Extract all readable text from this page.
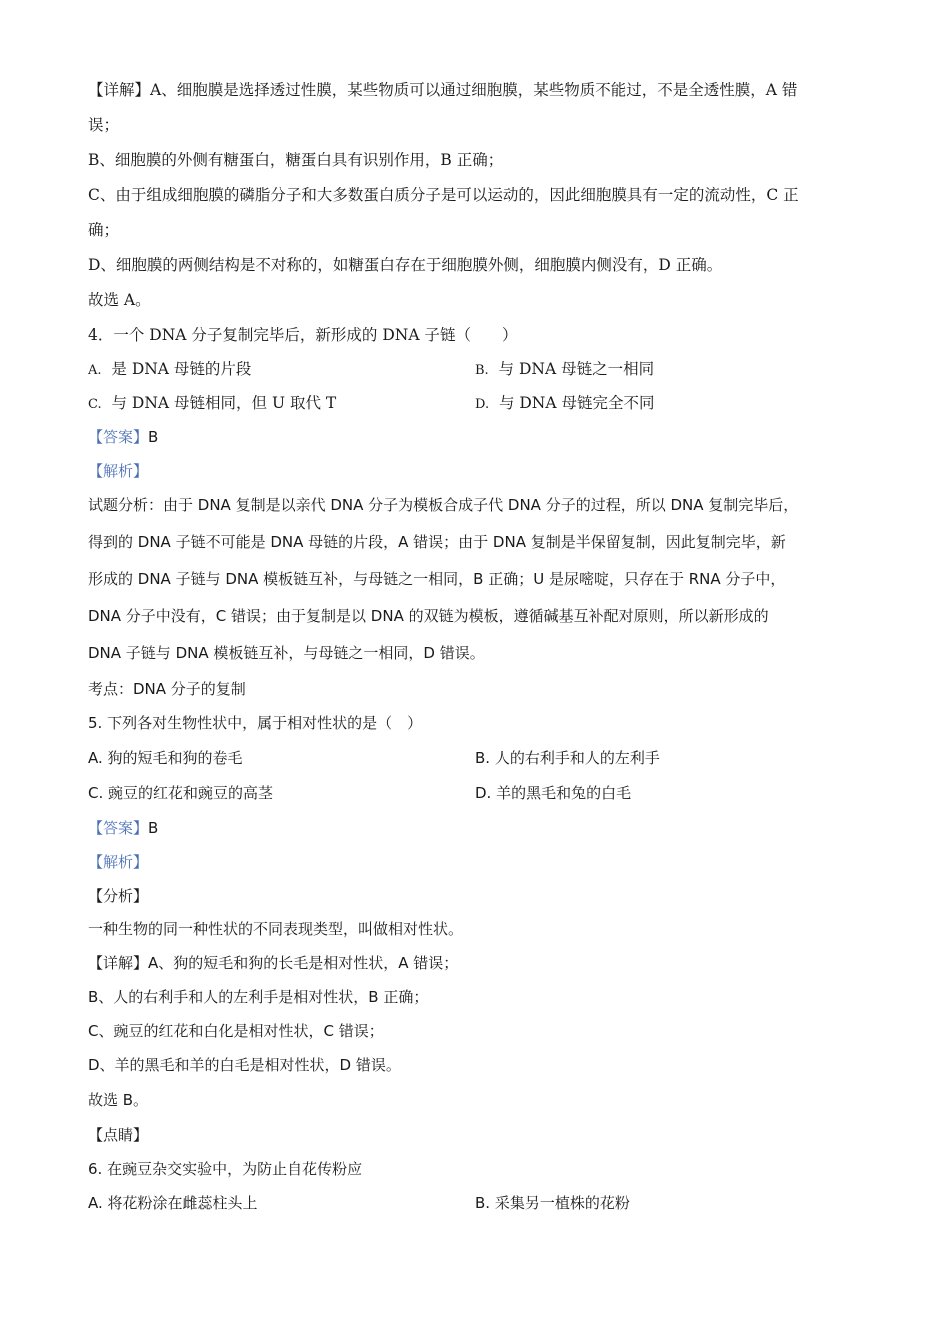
【详解】A、细胞膜是选择透过性膜，某些物质可以通过细胞膜，某些物质不能过，不是全透性膜，A 错
误；
B、细胞膜的外侧有糖蛋白，糖蛋白具有识别作用，B 正确；
C、由于组成细胞膜的磷脂分子和大多数蛋白质分子是可以运动的，因此细胞膜具有一定的流动性，C 正
确；
D、细胞膜的两侧结构是不对称的，如糖蛋白存在于细胞膜外侧，细胞膜内侧没有，D 正确。
故选 A。
4．一个 DNA 分子复制完毕后，新形成的 DNA 子链（　　）
A. 是 DNA 母链的片段	B. 与 DNA 母链之一相同
C. 与 DNA 母链相同，但 U 取代 T	D. 与 DNA 母链完全不同
【答案】B
【解析】
试题分析：由于 DNA 复制是以亲代 DNA 分子为模板合成子代 DNA 分子的过程，所以 DNA 复制完毕后，
得到的 DNA 子链不可能是 DNA 母链的片段，A 错误；由于 DNA 复制是半保留复制，因此复制完毕，新
形成的 DNA 子链与 DNA 模板链互补，与母链之一相同，B 正确；U 是尿嘧啶，只存在于 RNA 分子中，
DNA 分子中没有，C 错误；由于复制是以 DNA 的双链为模板，遵循碱基互补配对原则，所以新形成的
DNA 子链与 DNA 模板链互补，与母链之一相同，D 错误。
考点：DNA 分子的复制
5. 下列各对生物性状中，属于相对性状的是（　）
A. 狗的短毛和狗的卷毛	B. 人的右利手和人的左利手
C. 豌豆的红花和豌豆的高茎	D. 羊的黑毛和兔的白毛
【答案】B
【解析】
【分析】
一种生物的同一种性状的不同表现类型，叫做相对性状。
【详解】A、狗的短毛和狗的长毛是相对性状，A 错误；
B、人的右利手和人的左利手是相对性状，B 正确；
C、豌豆的红花和白化是相对性状，C 错误；
D、羊的黑毛和羊的白毛是相对性状，D 错误。
故选 B。
【点睛】
6. 在豌豆杂交实验中，为防止自花传粉应
A. 将花粉涂在雌蕊柱头上	B. 采集另一植株的花粉
